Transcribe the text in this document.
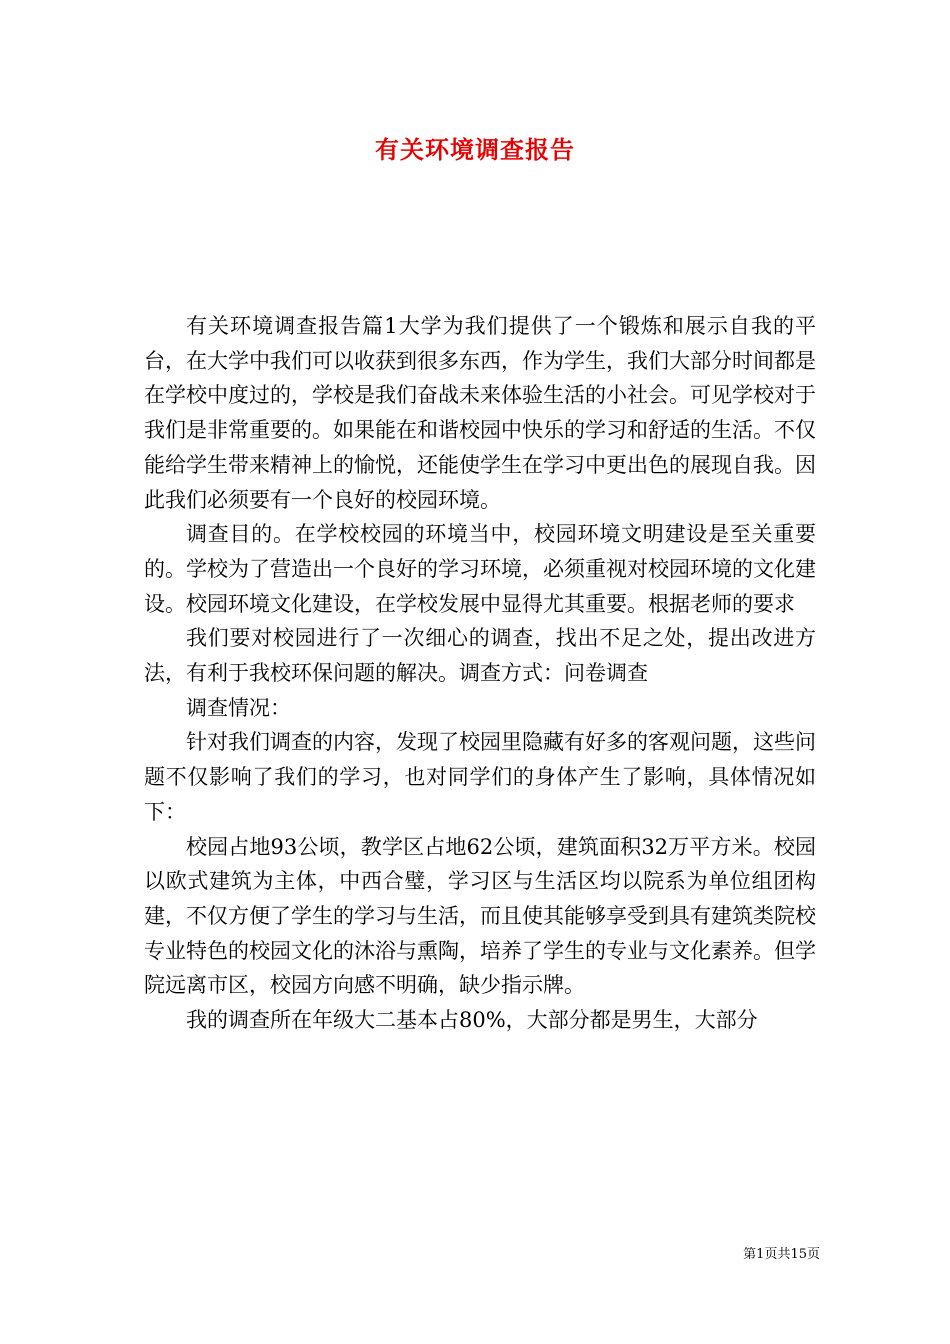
有关环境调查报告

有关环境调查报告篇1大学为我们提供了一个锻炼和展示自我的平台，在大学中我们可以收获到很多东西，作为学生，我们大部分时间都是在学校中度过的，学校是我们奋战未来体验生活的小社会。可见学校对于我们是非常重要的。如果能在和谐校园中快乐的学习和舒适的生活。不仅能给学生带来精神上的愉悦，还能使学生在学习中更出色的展现自我。因此我们必须要有一个良好的校园环境。

调查目的。在学校校园的环境当中，校园环境文明建设是至关重要的。学校为了营造出一个良好的学习环境，必须重视对校园环境的文化建设。校园环境文化建设，在学校发展中显得尤其重要。根据老师的要求

我们要对校园进行了一次细心的调查，找出不足之处，提出改进方法，有利于我校环保问题的解决。调查方式：问卷调查

调查情况：

针对我们调查的内容，发现了校园里隐藏有好多的客观问题，这些问题不仅影响了我们的学习，也对同学们的身体产生了影响，具体情况如下：

校园占地93公顷，教学区占地62公顷，建筑面积32万平方米。校园以欧式建筑为主体，中西合璧，学习区与生活区均以院系为单位组团构建，不仅方便了学生的学习与生活，而且使其能够享受到具有建筑类院校专业特色的校园文化的沐浴与熏陶，培养了学生的专业与文化素养。但学院远离市区，校园方向感不明确，缺少指示牌。

我的调查所在年级大二基本占80%，大部分都是男生，大部分

第1页共15页
